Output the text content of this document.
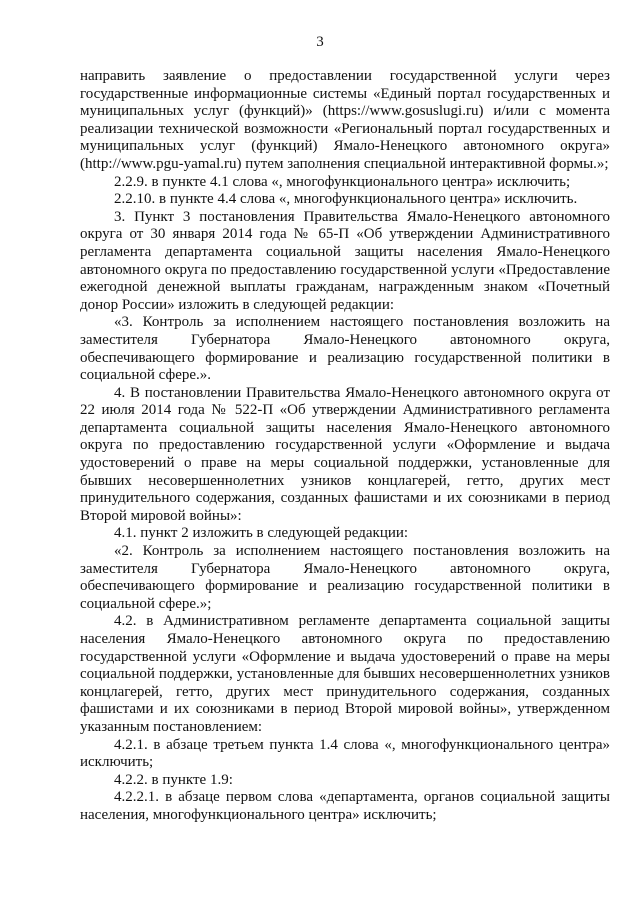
3

направить заявление о предоставлении государственной услуги через государственные информационные системы «Единый портал государственных и муниципальных услуг (функций)» (https://www.gosuslugi.ru) и/или с момента реализации технической возможности «Региональный портал государственных и муниципальных услуг (функций) Ямало-Ненецкого автономного округа» (http://www.pgu-yamal.ru) путем заполнения специальной интерактивной формы.»;

2.2.9. в пункте 4.1 слова «, многофункционального центра» исключить;

2.2.10. в пункте 4.4 слова «, многофункционального центра» исключить.

3. Пункт 3 постановления Правительства Ямало-Ненецкого автономного округа от 30 января 2014 года № 65-П «Об утверждении Административного регламента департамента социальной защиты населения Ямало-Ненецкого автономного округа по предоставлению государственной услуги «Предоставление ежегодной денежной выплаты гражданам, награжденным знаком «Почетный донор России» изложить в следующей редакции:

«3. Контроль за исполнением настоящего постановления возложить на заместителя Губернатора Ямало-Ненецкого автономного округа, обеспечивающего формирование и реализацию государственной политики в социальной сфере.».

4. В постановлении Правительства Ямало-Ненецкого автономного округа от 22 июля 2014 года № 522-П «Об утверждении Административного регламента департамента социальной защиты населения Ямало-Ненецкого автономного округа по предоставлению государственной услуги «Оформление и выдача удостоверений о праве на меры социальной поддержки, установленные для бывших несовершеннолетних узников концлагерей, гетто, других мест принудительного содержания, созданных фашистами и их союзниками в период Второй мировой войны»:

4.1. пункт 2 изложить в следующей редакции:

«2. Контроль за исполнением настоящего постановления возложить на заместителя Губернатора Ямало-Ненецкого автономного округа, обеспечивающего формирование и реализацию государственной политики в социальной сфере.»;

4.2. в Административном регламенте департамента социальной защиты населения Ямало-Ненецкого автономного округа по предоставлению государственной услуги «Оформление и выдача удостоверений о праве на меры социальной поддержки, установленные для бывших несовершеннолетних узников концлагерей, гетто, других мест принудительного содержания, созданных фашистами и их союзниками в период Второй мировой войны», утвержденном указанным постановлением:

4.2.1. в абзаце третьем пункта 1.4 слова «, многофункционального центра» исключить;

4.2.2. в пункте 1.9:

4.2.2.1. в абзаце первом слова «департамента, органов социальной защиты населения, многофункционального центра» исключить;
